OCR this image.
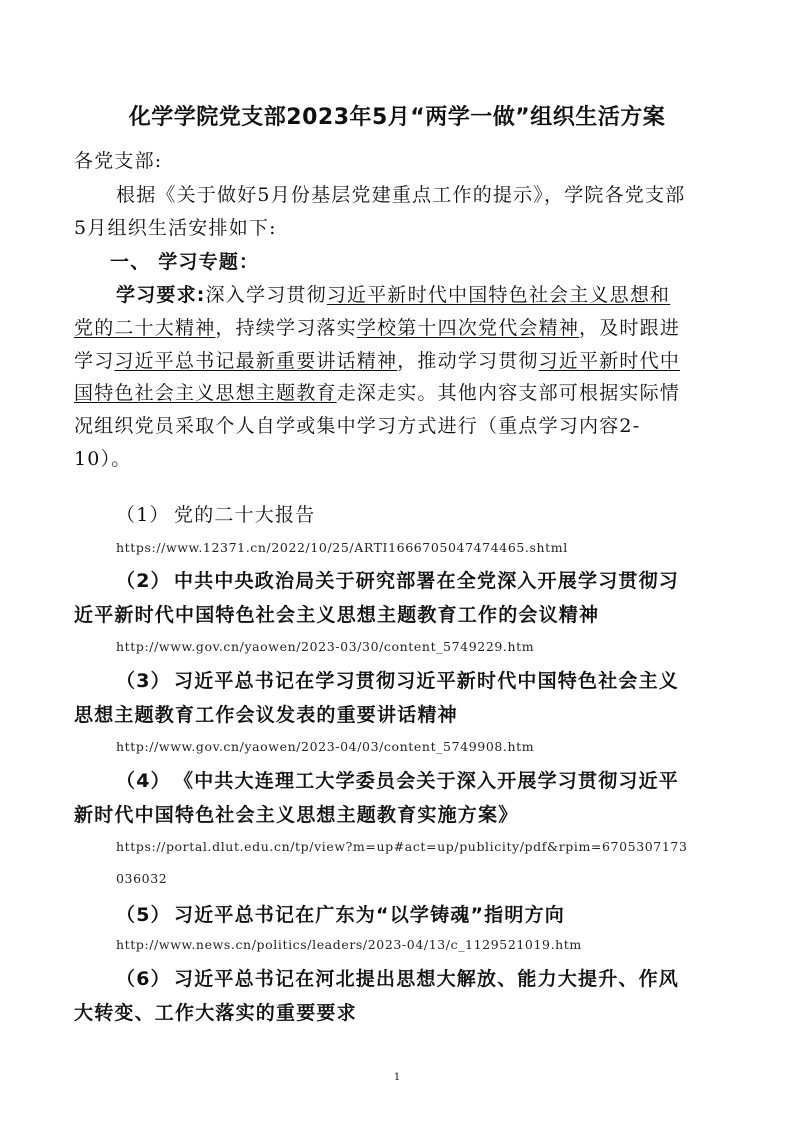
化学学院党支部2023年5月“两学一做”组织生活方案
各党支部:
根据《关于做好5月份基层党建重点工作的提示》，学院各党支部
5月组织生活安排如下:
一、 学习专题：
学习要求:深入学习贯彻习近平新时代中国特色社会主义思想和
党的二十大精神，持续学习落实学校第十四次党代会精神，及时跟进
学习习近平总书记最新重要讲话精神，推动学习贯彻习近平新时代中
国特色社会主义思想主题教育走深走实。其他内容支部可根据实际情
况组织党员采取个人自学或集中学习方式进行（重点学习内容2-
10）。
（1） 党的二十大报告
https://www.12371.cn/2022/10/25/ARTI1666705047474465.shtml
（2） 中共中央政治局关于研究部署在全党深入开展学习贯彻习
近平新时代中国特色社会主义思想主题教育工作的会议精神
http://www.gov.cn/yaowen/2023-03/30/content_5749229.htm
（3） 习近平总书记在学习贯彻习近平新时代中国特色社会主义
思想主题教育工作会议发表的重要讲话精神
http://www.gov.cn/yaowen/2023-04/03/content_5749908.htm
（4） 《中共大连理工大学委员会关于深入开展学习贯彻习近平
新时代中国特色社会主义思想主题教育实施方案》
https://portal.dlut.edu.cn/tp/view?m=up#act=up/publicity/pdf&rpim=6705307173
036032
（5） 习近平总书记在广东为“以学铸魂”指明方向
http://www.news.cn/politics/leaders/2023-04/13/c_1129521019.htm
（6） 习近平总书记在河北提出思想大解放、能力大提升、作风
大转变、工作大落实的重要要求
1
